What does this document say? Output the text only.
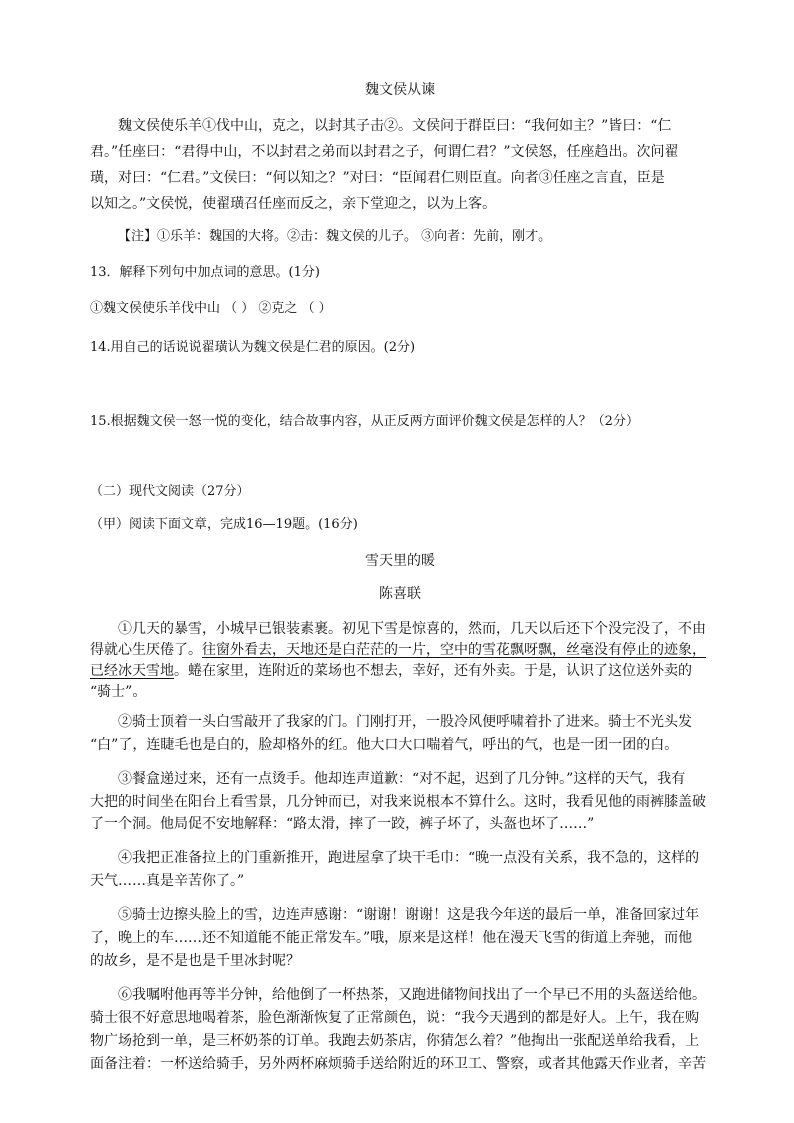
魏文侯从谏
魏文侯使乐羊①伐中山，克之，以封其子击②。文侯问于群臣曰：“我何如主？”皆曰：“仁
君。”任座曰：“君得中山，不以封君之弟而以封君之子，何谓仁君？”文侯怒，任座趋出。次问翟
璜，对曰：“仁君。”文侯曰：“何以知之？”对曰：“臣闻君仁则臣直。向者③任座之言直，臣是
以知之。”文侯悦，使翟璜召任座而反之，亲下堂迎之，以为上客。
【注】①乐羊：魏国的大将。②击：魏文侯的儿子。 ③向者：先前，刚才。
13．解释下列句中加点词的意思。(1分)
①魏文侯使乐羊伐中山 （ ） ②克之 （ ）
14.用自己的话说说翟璜认为魏文侯是仁君的原因。(2分)
15.根据魏文侯一怒一悦的变化，结合故事内容，从正反两方面评价魏文侯是怎样的人？（2分）
（二）现代文阅读（27分）
（甲）阅读下面文章，完成16—19题。(16分)
雪天里的暖
陈喜联
①几天的暴雪，小城早已银装素裹。初见下雪是惊喜的，然而，几天以后还下个没完没了，不由
得就心生厌倦了。往窗外看去，天地还是白茫茫的一片，空中的雪花飘呀飘，丝毫没有停止的迹象，
已经冰天雪地。蜷在家里，连附近的菜场也不想去，幸好，还有外卖。于是，认识了这位送外卖的
“骑士”。
②骑士顶着一头白雪敲开了我家的门。门刚打开，一股冷风便呼啸着扑了进来。骑士不光头发
“白”了，连睫毛也是白的，脸却格外的红。他大口大口喘着气，呼出的气，也是一团一团的白。
③餐盒递过来，还有一点烫手。他却连声道歉：“对不起，迟到了几分钟。”这样的天气，我有
大把的时间坐在阳台上看雪景，几分钟而已，对我来说根本不算什么。这时，我看见他的雨裤膝盖破
了一个洞。他局促不安地解释：“路太滑，摔了一跤，裤子坏了，头盔也坏了……”
④我把正准备拉上的门重新推开，跑进屋拿了块干毛巾：“晚一点没有关系，我不急的，这样的
天气……真是辛苦你了。”
⑤骑士边擦头脸上的雪，边连声感谢：“谢谢！谢谢！这是我今年送的最后一单，准备回家过年
了，晚上的车……还不知道能不能正常发车。”哦，原来是这样！他在漫天飞雪的街道上奔驰，而他
的故乡，是不是也是千里冰封呢？
⑥我嘱咐他再等半分钟，给他倒了一杯热茶，又跑进储物间找出了一个早已不用的头盔送给他。
骑士很不好意思地喝着茶，脸色渐渐恢复了正常颜色，说：“我今天遇到的都是好人。上午，我在购
物广场抢到一单，是三杯奶茶的订单。我跑去奶茶店，你猜怎么着？”他掏出一张配送单给我看，上
面备注着：一杯送给骑手，另外两杯麻烦骑手送给附近的环卫工、警察，或者其他露天作业者，辛苦
